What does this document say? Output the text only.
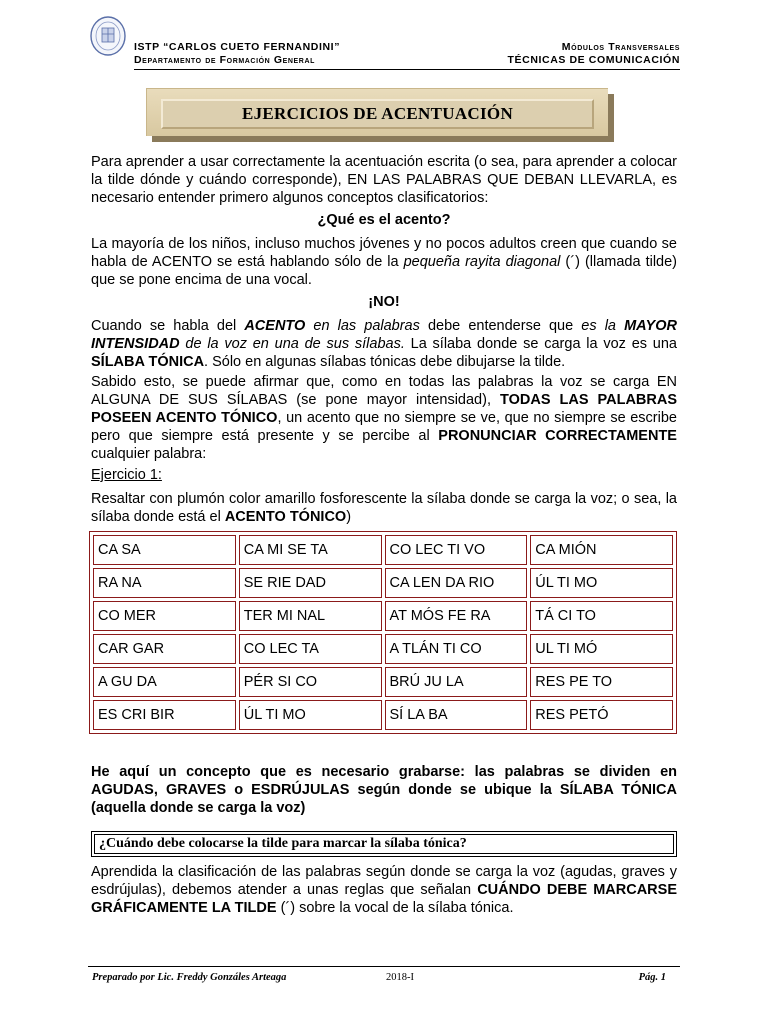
ISTP “CARLOS CUETO FERNANDINI”
Departamento de Formación General
Módulos Transversales
TÉCNICAS DE COMUNICACIÓN
EJERCICIOS DE ACENTUACIÓN
Para aprender a usar correctamente la acentuación escrita (o sea, para aprender a colocar la tilde dónde y cuándo corresponde), EN LAS PALABRAS QUE DEBAN LLEVARLA, es necesario entender primero algunos conceptos clasificatorios:
¿Qué es el acento?
La mayoría de los niños, incluso muchos jóvenes y no pocos adultos creen que cuando se habla de ACENTO se está hablando sólo de la pequeña rayita diagonal (´) (llamada tilde) que se pone encima de una vocal.
¡NO!
Cuando se habla del ACENTO en las palabras debe entenderse que es la MAYOR INTENSIDAD de la voz en una de sus sílabas. La sílaba donde se carga la voz es una SÍLABA TÓNICA. Sólo en algunas sílabas tónicas debe dibujarse la tilde.
Sabido esto, se puede afirmar que, como en todas las palabras la voz se carga EN ALGUNA DE SUS SÍLABAS (se pone mayor intensidad), TODAS LAS PALABRAS POSEEN ACENTO TÓNICO, un acento que no siempre se ve, que no siempre se escribe pero que siempre está presente y se percibe al PRONUNCIAR CORRECTAMENTE cualquier palabra:
Ejercicio 1:
Resaltar con plumón color amarillo fosforescente la sílaba donde se carga la voz; o sea, la sílaba donde está el ACENTO TÓNICO)
CA SA	CA MI SE TA	CO LEC TI VO	CA MIÓN
RA NA	SE RIE DAD	CA LEN DA RIO	ÚL TI MO
CO MER	TER MI NAL	AT MÓS FE RA	TÁ CI TO
CAR GAR	CO LEC TA	A TLÁN TI CO	UL TI MÓ
A GU DA	PÉR SI CO	BRÚ JU LA	RES PE TO
ES CRI BIR	ÚL TI MO	SÍ LA BA	RES PETÓ
He aquí un concepto que es necesario grabarse: las palabras se dividen en AGUDAS, GRAVES o ESDRÚJULAS según donde se ubique la SÍLABA TÓNICA (aquella donde se carga la voz)
¿Cuándo debe colocarse la tilde para marcar la sílaba tónica?
Aprendida la clasificación de las palabras según donde se carga la voz (agudas, graves y esdrújulas), debemos atender a unas reglas que señalan CUÁNDO DEBE MARCARSE GRÁFICAMENTE LA TILDE (´) sobre la vocal de la sílaba tónica.
Preparado por Lic. Freddy Gonzáles Arteaga	2018-I	Pág. 1
